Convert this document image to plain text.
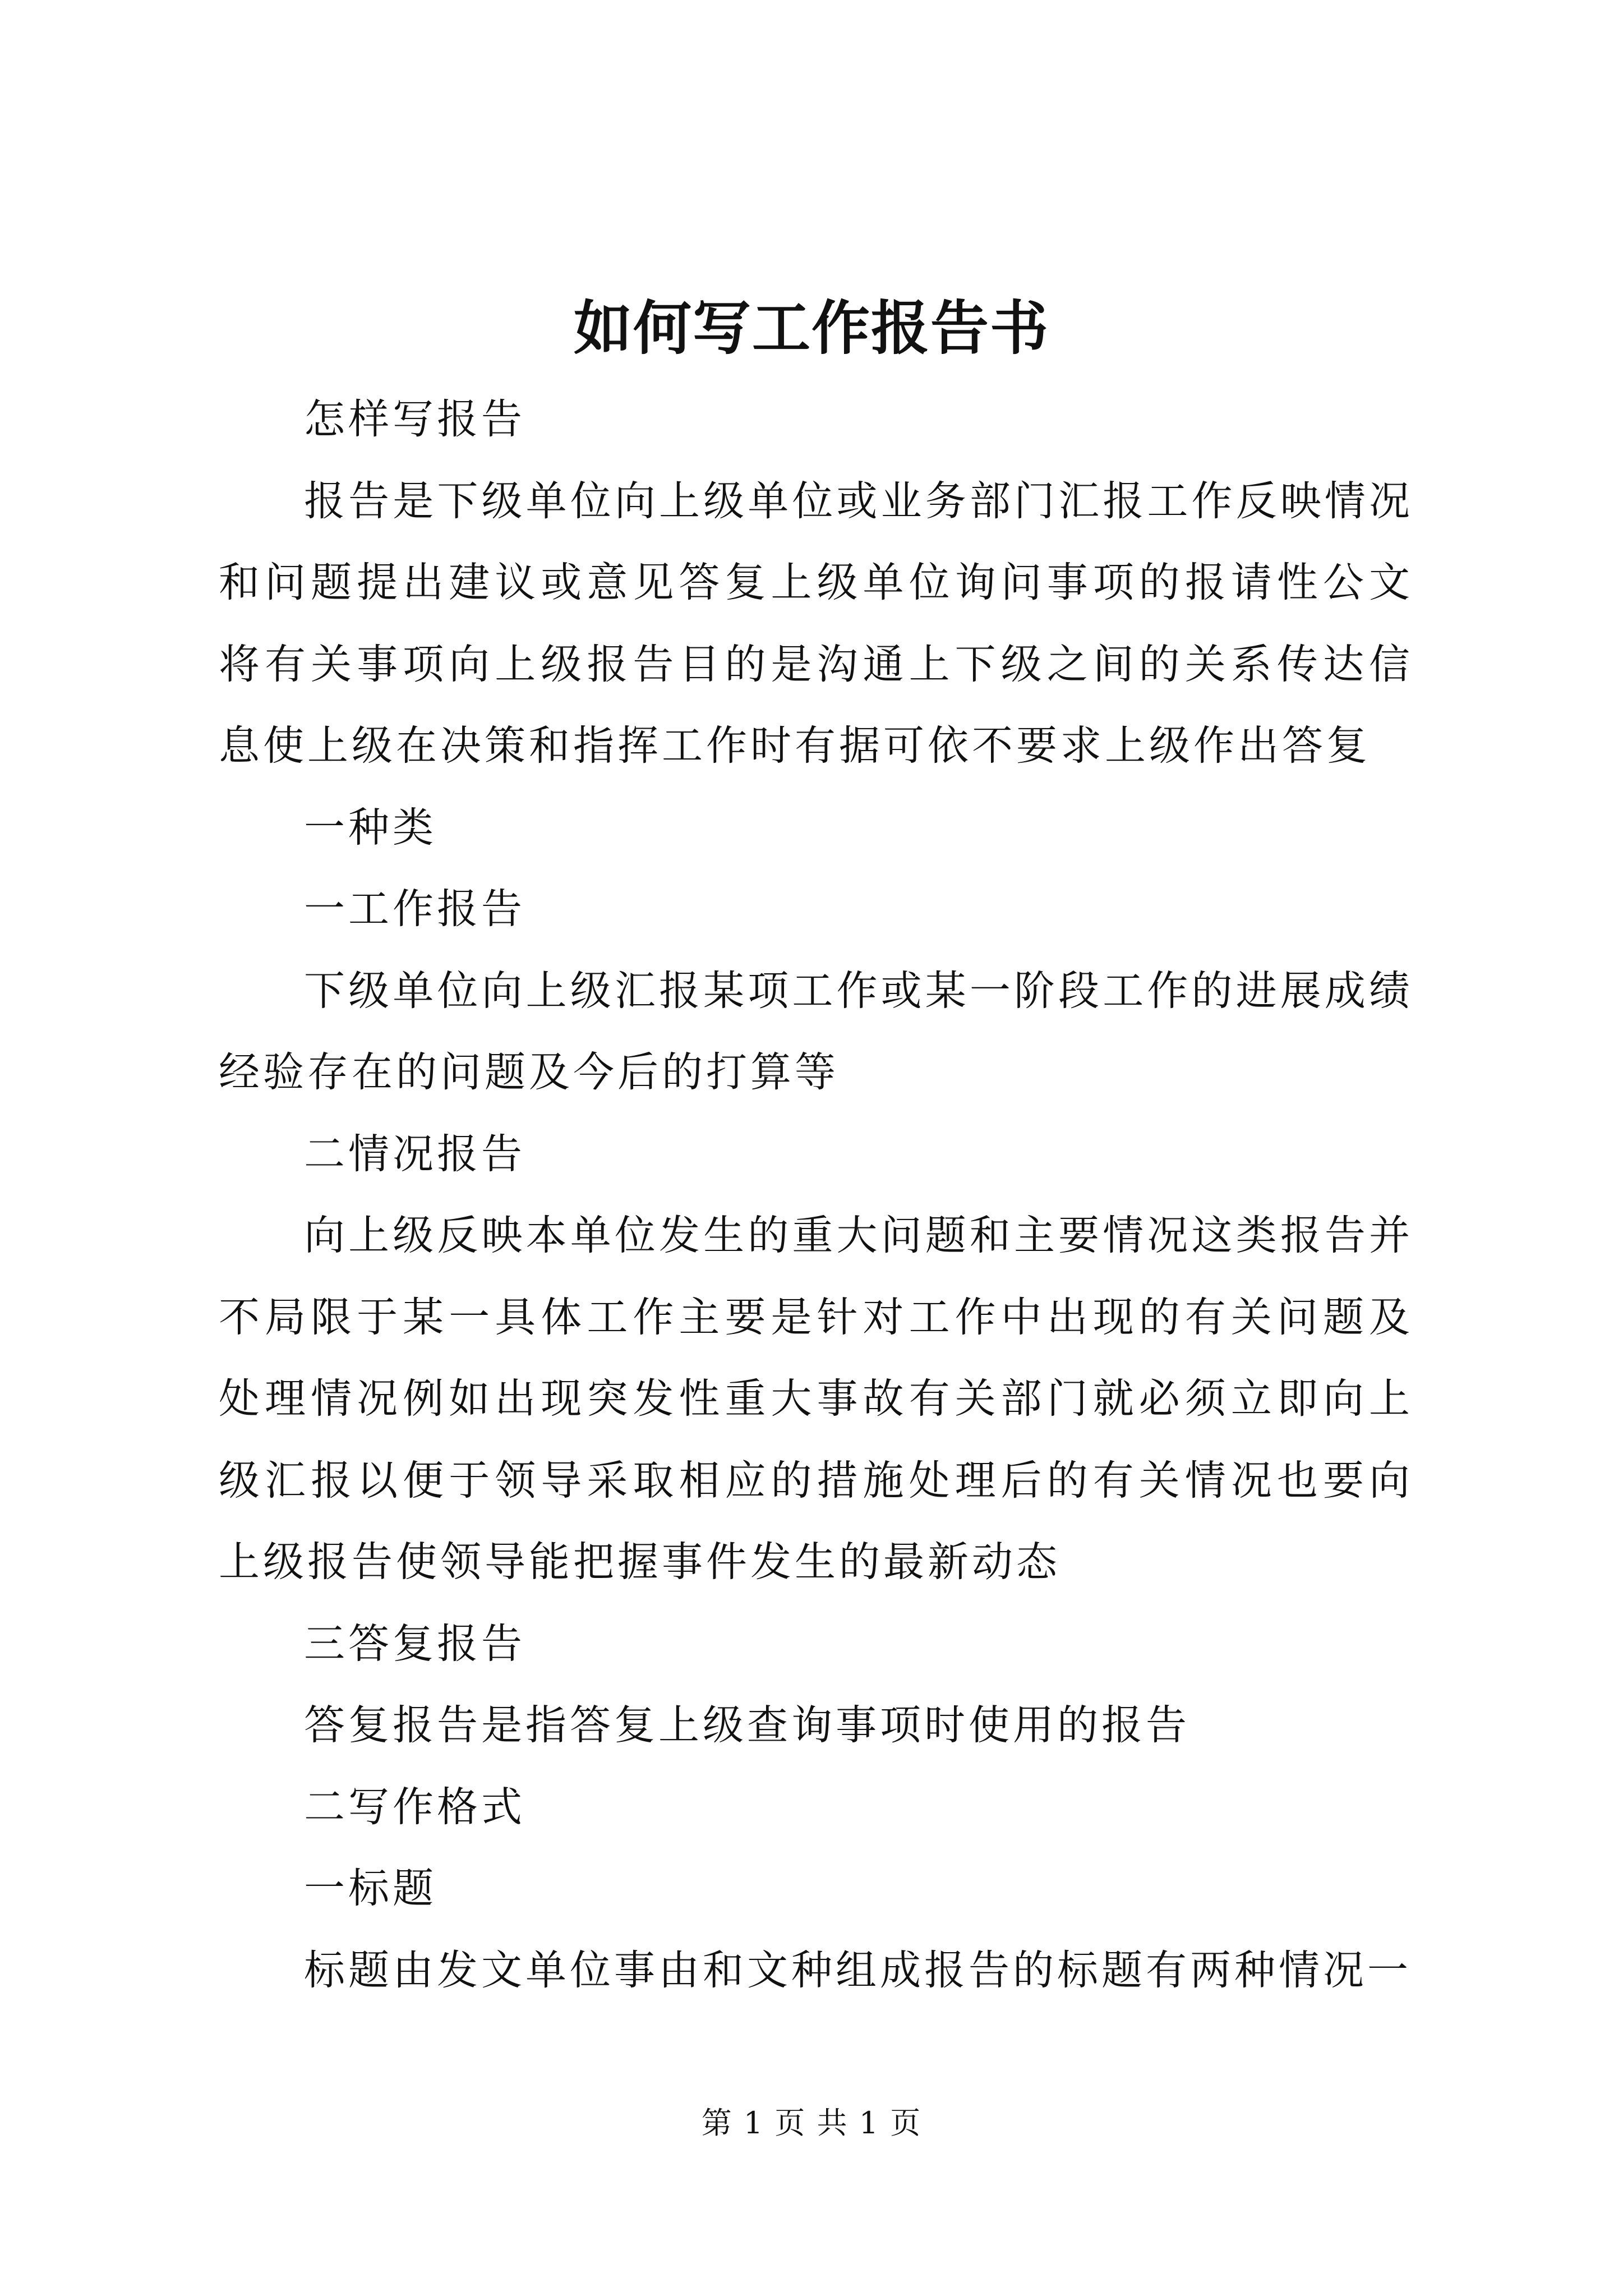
如何写工作报告书

怎样写报告

报告是下级单位向上级单位或业务部门汇报工作反映情况和问题提出建议或意见答复上级单位询问事项的报请性公文将有关事项向上级报告目的是沟通上下级之间的关系传达信息使上级在决策和指挥工作时有据可依不要求上级作出答复

一种类

一工作报告

下级单位向上级汇报某项工作或某一阶段工作的进展成绩经验存在的问题及今后的打算等

二情况报告

向上级反映本单位发生的重大问题和主要情况这类报告并不局限于某一具体工作主要是针对工作中出现的有关问题及处理情况例如出现突发性重大事故有关部门就必须立即向上级汇报以便于领导采取相应的措施处理后的有关情况也要向上级报告使领导能把握事件发生的最新动态

三答复报告

答复报告是指答复上级查询事项时使用的报告

二写作格式

一标题

标题由发文单位事由和文种组成报告的标题有两种情况一

第 1 页 共 1 页
